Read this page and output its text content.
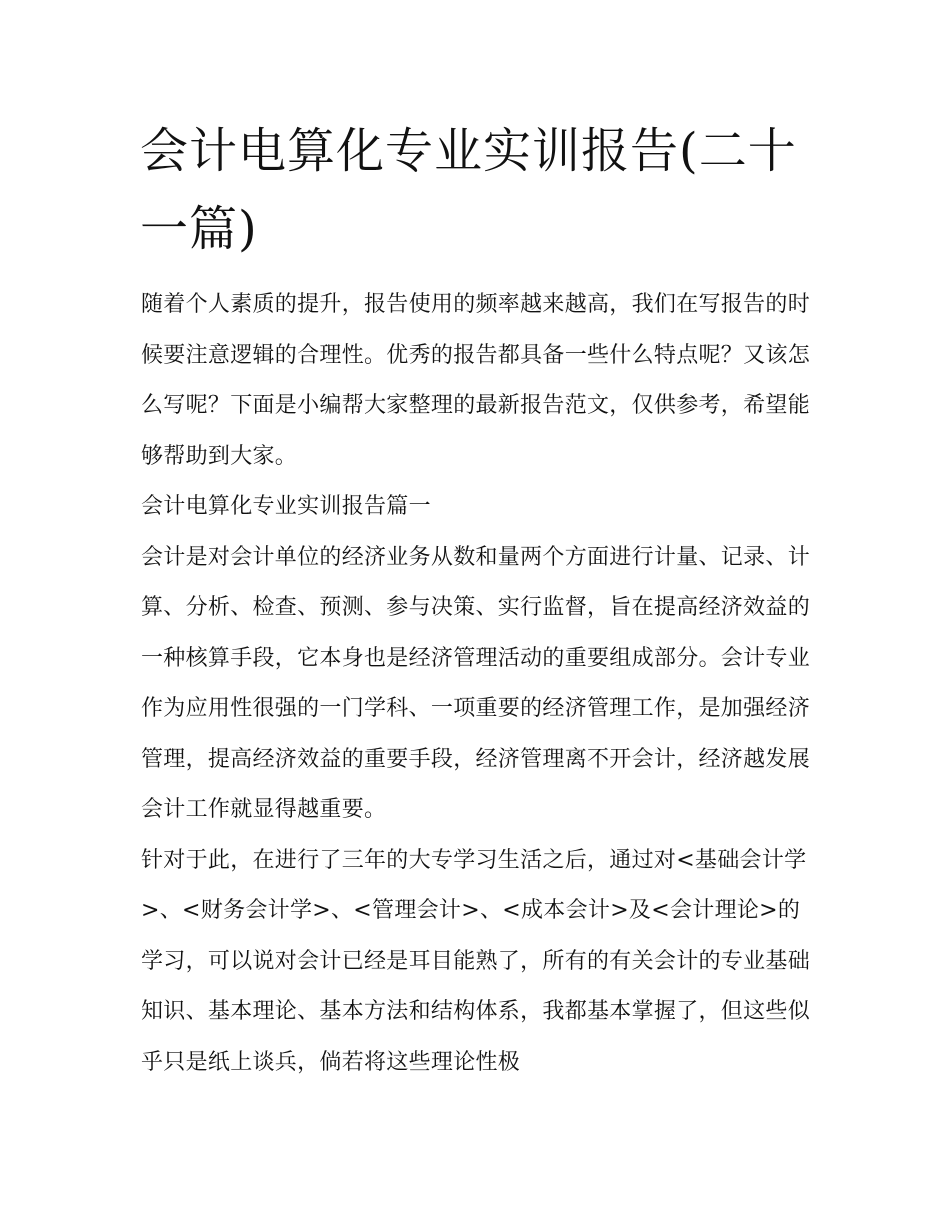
会计电算化专业实训报告(二十一篇)

随着个人素质的提升，报告使用的频率越来越高，我们在写报告的时候要注意逻辑的合理性。优秀的报告都具备一些什么特点呢？又该怎么写呢？下面是小编帮大家整理的最新报告范文，仅供参考，希望能够帮助到大家。

会计电算化专业实训报告篇一

会计是对会计单位的经济业务从数和量两个方面进行计量、记录、计算、分析、检查、预测、参与决策、实行监督，旨在提高经济效益的一种核算手段，它本身也是经济管理活动的重要组成部分。会计专业作为应用性很强的一门学科、一项重要的经济管理工作，是加强经济管理，提高经济效益的重要手段，经济管理离不开会计，经济越发展会计工作就显得越重要。

针对于此，在进行了三年的大专学习生活之后，通过对<基础会计学>、<财务会计学>、<管理会计>、<成本会计>及<会计理论>的学习，可以说对会计已经是耳目能熟了，所有的有关会计的专业基础知识、基本理论、基本方法和结构体系，我都基本掌握了，但这些似乎只是纸上谈兵，倘若将这些理论性极
